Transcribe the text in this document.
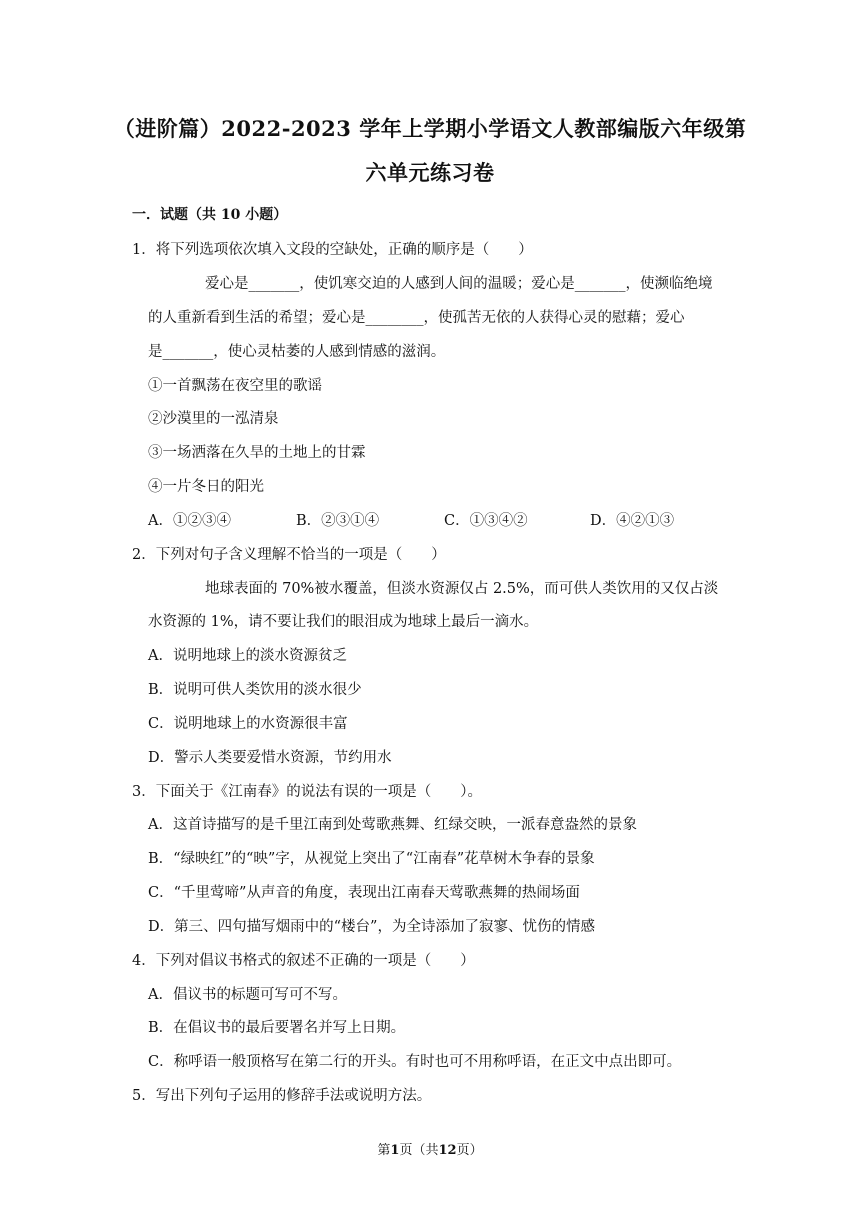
（进阶篇）2022-2023 学年上学期小学语文人教部编版六年级第
六单元练习卷
一．试题（共 10 小题）
1．将下列选项依次填入文段的空缺处，正确的顺序是（　　）
爱心是_______，使饥寒交迫的人感到人间的温暖；爱心是_______，使濒临绝境
的人重新看到生活的希望；爱心是________，使孤苦无依的人获得心灵的慰藉；爱心
是_______，使心灵枯萎的人感到情感的滋润。
①一首飘荡在夜空里的歌谣
②沙漠里的一泓清泉
③一场洒落在久旱的土地上的甘霖
④一片冬日的阳光
A．①②③④	B．②③①④	C．①③④②	D．④②①③
2．下列对句子含义理解不恰当的一项是（　　）
地球表面的 70%被水覆盖，但淡水资源仅占 2.5%，而可供人类饮用的又仅占淡
水资源的 1%，请不要让我们的眼泪成为地球上最后一滴水。
A．说明地球上的淡水资源贫乏
B．说明可供人类饮用的淡水很少
C．说明地球上的水资源很丰富
D．警示人类要爱惜水资源，节约用水
3．下面关于《江南春》的说法有误的一项是（　　）。
A．这首诗描写的是千里江南到处莺歌燕舞、红绿交映，一派春意盎然的景象
B．“绿映红”的“映”字，从视觉上突出了“江南春”花草树木争春的景象
C．“千里莺啼”从声音的角度，表现出江南春天莺歌燕舞的热闹场面
D．第三、四句描写烟雨中的“楼台”，为全诗添加了寂寥、忧伤的情感
4．下列对倡议书格式的叙述不正确的一项是（　　）
A．倡议书的标题可写可不写。
B．在倡议书的最后要署名并写上日期。
C．称呼语一般顶格写在第二行的开头。有时也可不用称呼语，在正文中点出即可。
5．写出下列句子运用的修辞手法或说明方法。
第1页（共12页）
